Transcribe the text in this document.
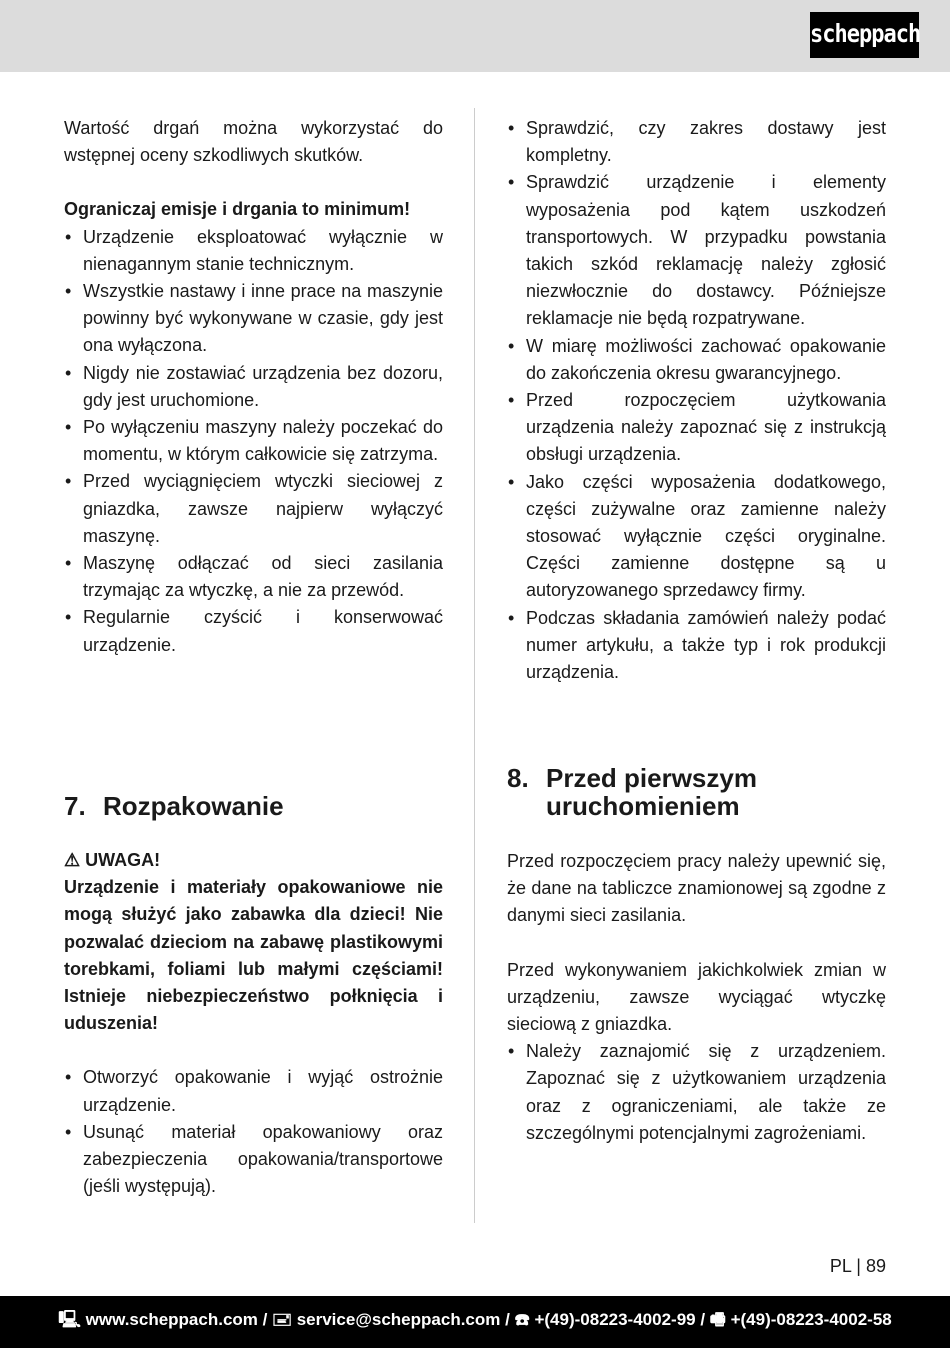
scheppach

Wartość drgań można wykorzystać do wstępnej oceny szkodliwych skutków.

Ograniczaj emisje i drgania to minimum!

• Urządzenie eksploatować wyłącznie w nienagannym stanie technicznym.
• Wszystkie nastawy i inne prace na maszynie powinny być wykonywane w czasie, gdy jest ona wyłączona.
• Nigdy nie zostawiać urządzenia bez dozoru, gdy jest uruchomione.
• Po wyłączeniu maszyny należy poczekać do momentu, w którym całkowicie się zatrzyma.
• Przed wyciągnięciem wtyczki sieciowej z gniazdka, zawsze najpierw wyłączyć maszynę.
• Maszynę odłączać od sieci zasilania trzymając za wtyczkę, a nie za przewód.
• Regularnie czyścić i konserwować urządzenie.
7. Rozpakowanie

⚠ UWAGA!

Urządzenie i materiały opakowaniowe nie mogą służyć jako zabawka dla dzieci! Nie pozwalać dzieciom na zabawę plastikowymi torebkami, foliami lub małymi częściami! Istnieje niebezpieczeństwo połknięcia i uduszenia!

• Otworzyć opakowanie i wyjąć ostrożnie urządzenie.
• Usunąć materiał opakowaniowy oraz zabezpieczenia opakowania/transportowe (jeśli występują).
• Sprawdzić, czy zakres dostawy jest kompletny.
• Sprawdzić urządzenie i elementy wyposażenia pod kątem uszkodzeń transportowych. W przypadku powstania takich szkód reklamację należy zgłosić niezwłocznie do dostawcy. Późniejsze reklamacje nie będą rozpatrywane.
• W miarę możliwości zachować opakowanie do zakończenia okresu gwarancyjnego.
• Przed rozpoczęciem użytkowania urządzenia należy zapoznać się z instrukcją obsługi urządzenia.
• Jako części wyposażenia dodatkowego, części zużywalne oraz zamienne należy stosować wyłącznie części oryginalne. Części zamienne dostępne są u autoryzowanego sprzedawcy firmy.
• Podczas składania zamówień należy podać numer artykułu, a także typ i rok produkcji urządzenia.
8. Przed pierwszym uruchomieniem

Przed rozpoczęciem pracy należy upewnić się, że dane na tabliczce znamionowej są zgodne z danymi sieci zasilania.

Przed wykonywaniem jakichkolwiek zmian w urządzeniu, zawsze wyciągać wtyczkę sieciową z gniazdka.

• Należy zaznajomić się z urządzeniem. Zapoznać się z użytkowaniem urządzenia oraz z ograniczeniami, ale także ze szczególnymi potencjalnymi zagrożeniami.
PL | 89
🖳 www.scheppach.com / 🖃 service@scheppach.com / ☎ +(49)-08223-4002-99 / 🖷 +(49)-08223-4002-58
